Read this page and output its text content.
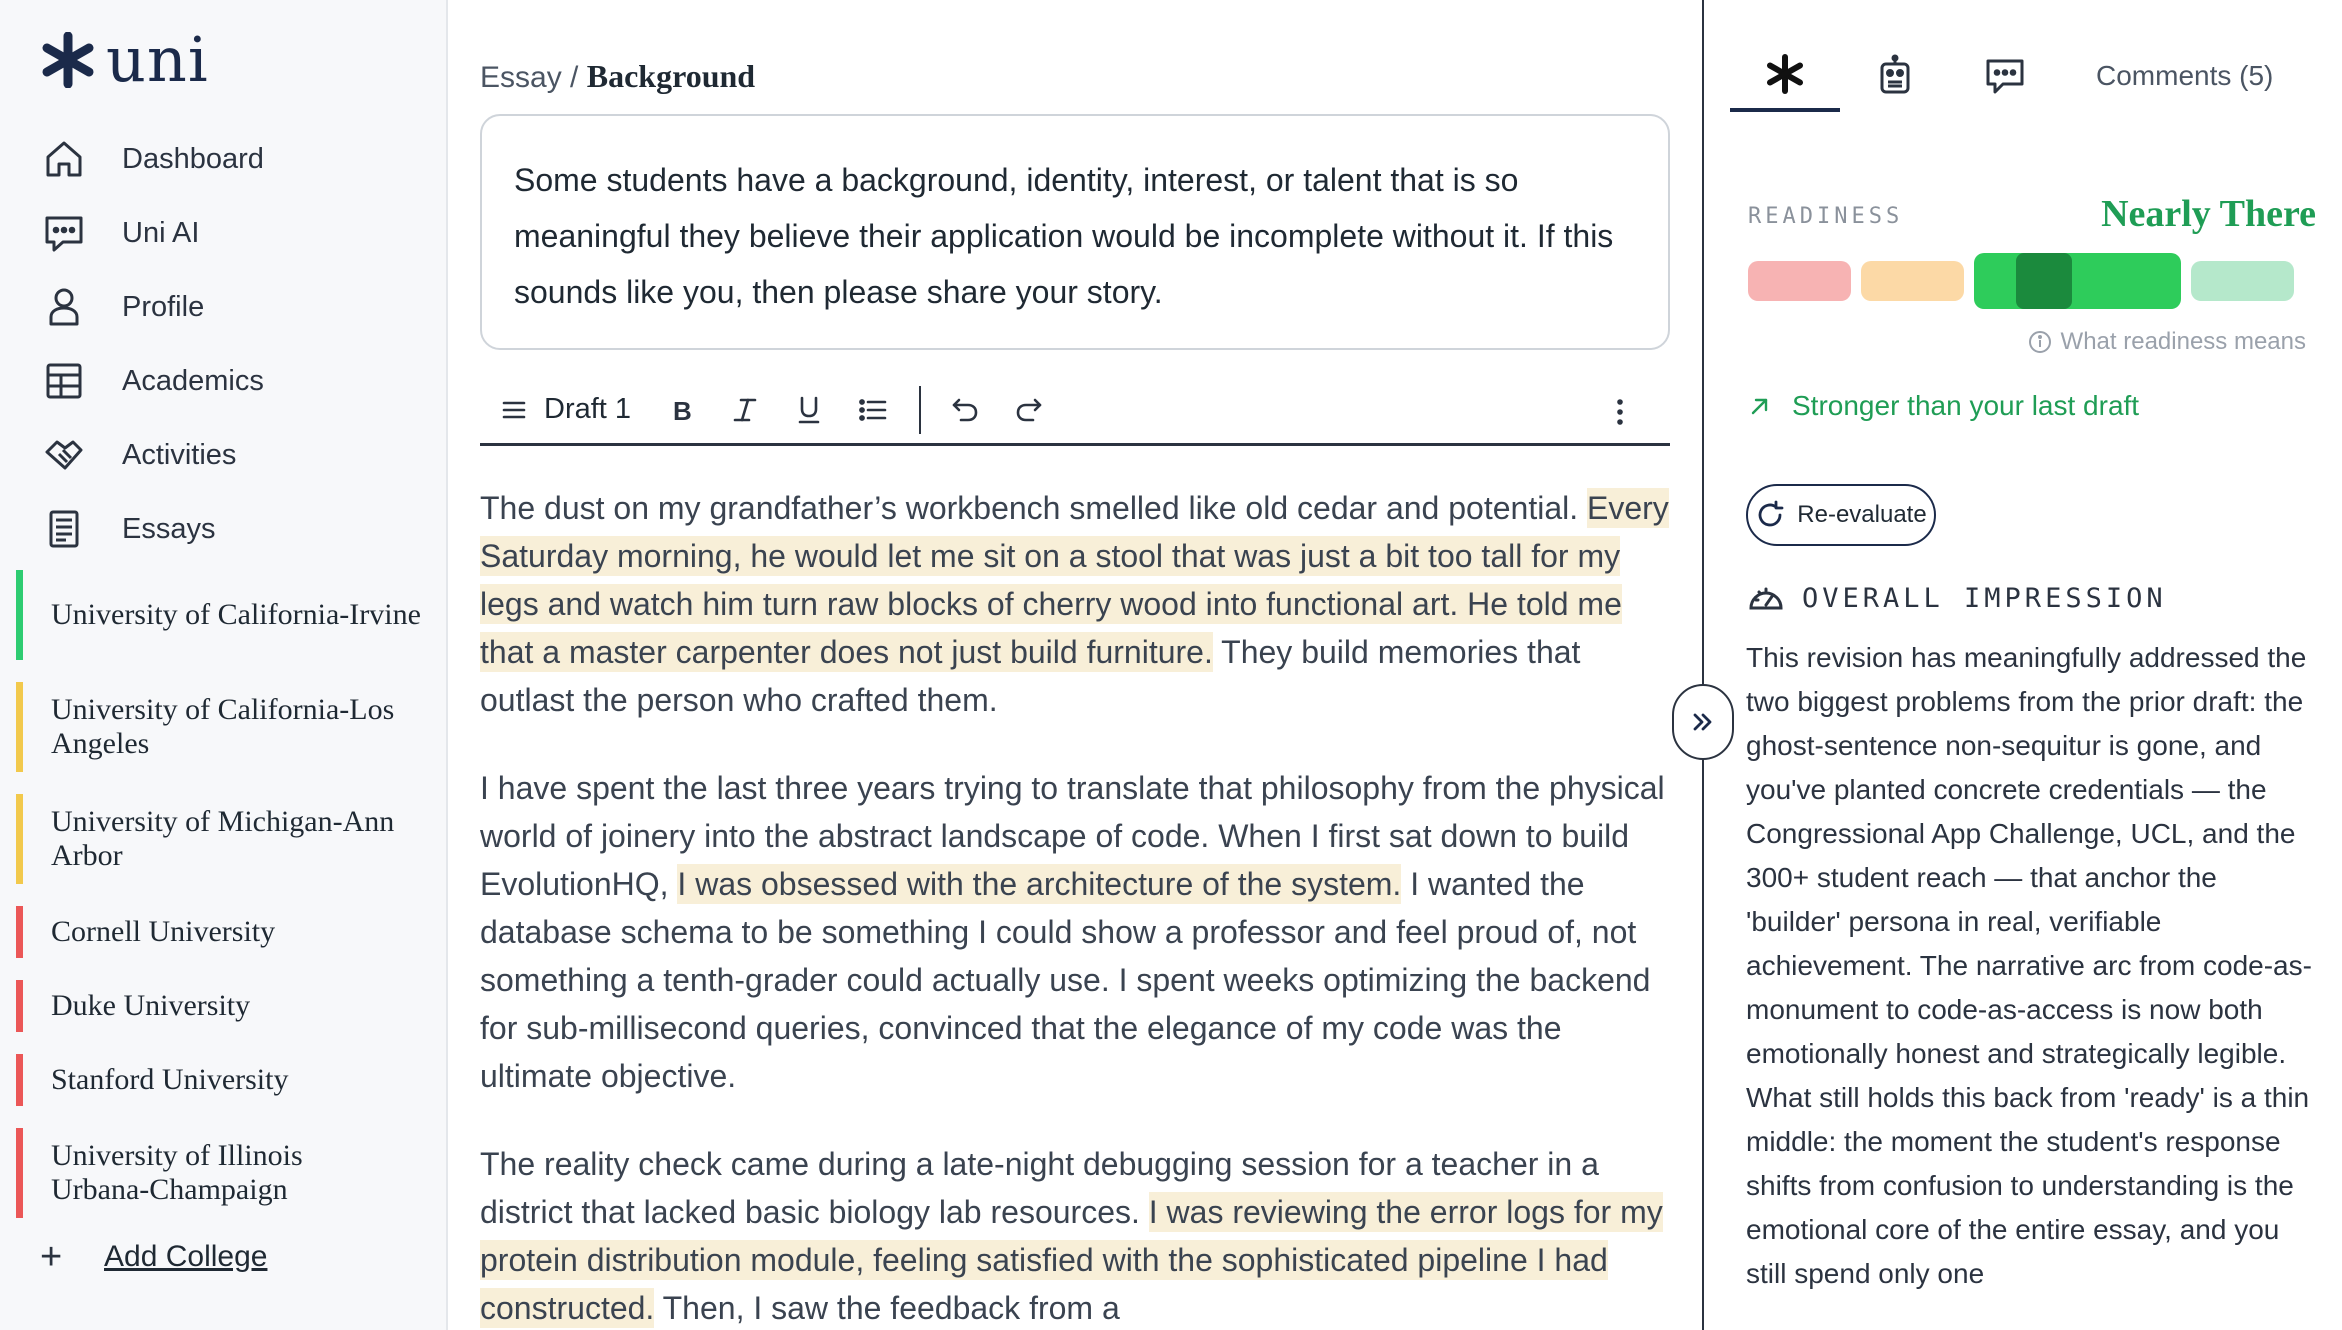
uni
Dashboard
Uni AI
Profile
Academics
Activities
Essays
University of California-Irvine
University of California-Los Angeles
University of Michigan-Ann Arbor
Cornell University
Duke University
Stanford University
University of Illinois Urbana-Champaign
+	Add College
Essay / Background
Some students have a background, identity, interest, or talent that is so meaningful they believe their application would be incomplete without it. If this sounds like you, then please share your story.
Draft 1 B

The dust on my grandfather’s workbench smelled like old cedar and potential. Every Saturday morning, he would let me sit on a stool that was just a bit too tall for my legs and watch him turn raw blocks of cherry wood into functional art. He told me that a master carpenter does not just build furniture. They build memories that outlast the person who crafted them.

I have spent the last three years trying to translate that philosophy from the physical world of joinery into the abstract landscape of code. When I first sat down to build EvolutionHQ, I was obsessed with the architecture of the system. I wanted the database schema to be something I could show a professor and feel proud of, not something a tenth-grader could actually use. I spent weeks optimizing the backend for sub-millisecond queries, convinced that the elegance of my code was the ultimate objective.

The reality check came during a late-night debugging session for a teacher in a district that lacked basic biology lab resources. I was reviewing the error logs for my protein distribution module, feeling satisfied with the sophisticated pipeline I had constructed. Then, I saw the feedback from a

Comments (5)
READINESS	Nearly There
What readiness means
Stronger than your last draft
Re-evaluate
OVERALL IMPRESSION
This revision has meaningfully addressed the two biggest problems from the prior draft: the ghost-sentence non-sequitur is gone, and you've planted concrete credentials — the Congressional App Challenge, UCL, and the 300+ student reach — that anchor the 'builder' persona in real, verifiable achievement. The narrative arc from code-as-monument to code-as-access is now both emotionally honest and strategically legible. What still holds this back from 'ready' is a thin middle: the moment the student's response shifts from confusion to understanding is the emotional core of the entire essay, and you still spend only one
